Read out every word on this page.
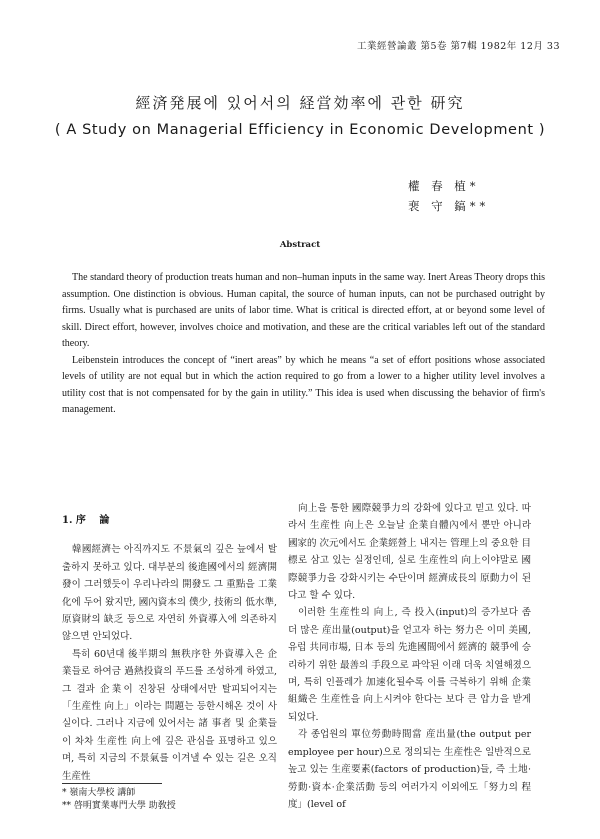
工業經營論叢 第5卷 第7輯 1982年 12月 33
經済発展에 있어서의 経営効率에 관한 研究
( A Study on Managerial Efficiency in Economic Development )
權 春 植*
裵 守 鎬**
Abstract

The standard theory of production treats human and non–human inputs in the same way. Inert Areas Theory drops this assumption. One distinction is obvious. Human capital, the source of human inputs, can not be purchased outright by firms. Usually what is purchased are units of labor time. What is critical is directed effort, at or beyond some level of skill. Direct effort, however, involves choice and motivation, and these are the critical variables left out of the standard theory.

Leibenstein introduces the concept of “inert areas” by which he means “a set of effort positions whose associated levels of utility are not equal but in which the action required to go from a lower to a higher utility level involves a utility cost that is not compensated for by the gain in utility.” This idea is used when discussing the behavior of firm's management.

1. 序　 論

韓國經濟는 아직까지도 不景氣의 깊은 늪에서 탈출하지 못하고 있다. 대부분의 後進國에서의 經濟開發이 그러했듯이 우리나라의 開發도 그 重點을 工業化에 두어 왔지만, 國內資本의 僕少, 技術의 低水準, 原資財의 缺乏 등으로 자연히 外資導入에 의존하지 않으면 안되었다.

특히 60년대 後半期의 無秩序한 外資導入은 企業들로 하여금 過熱投資의 푸드를 조성하게 하였고, 그 결과 企業이 진창된 상태에서만 탈피되어지는「生産性 向上」이라는 問題는 등한시해온 것이 사실이다. 그러나 지금에 있어서는 諸 事者 및 企業들이 차차 生産性 向上에 깊은 관심을 표명하고 있으며, 특히 지금의 不景氣를 이겨낼 수 있는 길은 오직 生産性

向上을 통한 國際競爭力의 강화에 있다고 믿고 있다. 따라서 生産性 向上은 오늘날 企業自體內에서 뿐만 아니라 國家的 次元에서도 企業經營上 내지는 管理上의 중요한 目標로 삼고 있는 실정인데, 실로 生産性의 向上이야말로 國際競爭力을 강화시키는 수단이며 經濟成長의 原動力이 된다고 할 수 있다.

이러한 生産性의 向上, 즉 投入(input)의 증가보다 좀 더 많은 産出量(output)을 얻고자 하는 努力은 이미 美國,유럽 共同市場, 日本 등의 先進國間에서 經濟的 競爭에 승리하기 위한 最善의 手段으로 파악된 이래 더욱 치열해졌으며, 특히 인플레가 加速化될수록 이를 극복하기 위해 企業組織은 生産性을 向上시켜야 한다는 보다 큰 압力을 받게 되었다.

각 종업원의 單位勞動時間當 産出量(the output per employee per hour)으로 정의되는 生産性은 일반적으로 높고 있는 生産要素(factors of production)들, 즉 土地·勞動·資本·企業活動 등의 여러가지 이외에도「努力의 程度」(level of

* 嶺南大學校 講師
** 啓明實業專門大學 助敎授
